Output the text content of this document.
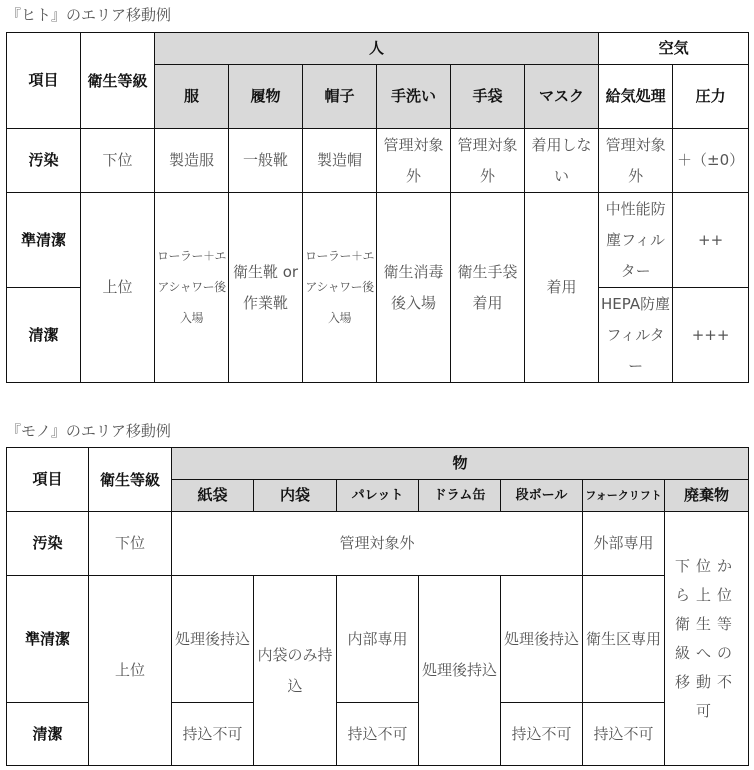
『ヒト』のエリア移動例
項目	衛生等級	人						空気	
		服	履物	帽子	手洗い	手袋	マスク	給気処理	圧力
汚染	下位	製造服	一般靴	製造帽	管理対象外	管理対象外	着用しない	管理対象外	＋（±0）
準清潔	上位	ローラー＋エアシャワー後入場	衛生靴 or 作業靴	ローラー＋エアシャワー後入場	衛生消毒後入場	衛生手袋着用	着用	中性能防塵フィルター	++
清潔								HEPA防塵フィルター	+++
『モノ』のエリア移動例
項目	衛生等級	物						
		紙袋	内袋	パレット	ドラム缶	段ボール	フォークリフト	廃棄物
汚染	下位	管理対象外					外部専用	下位から上位衛生等級への移動不可
準清潔	上位	処理後持込	内袋のみ持込	内部専用	処理後持込	処理後持込	衛生区専用	
清潔		持込不可		持込不可		持込不可	持込不可	
